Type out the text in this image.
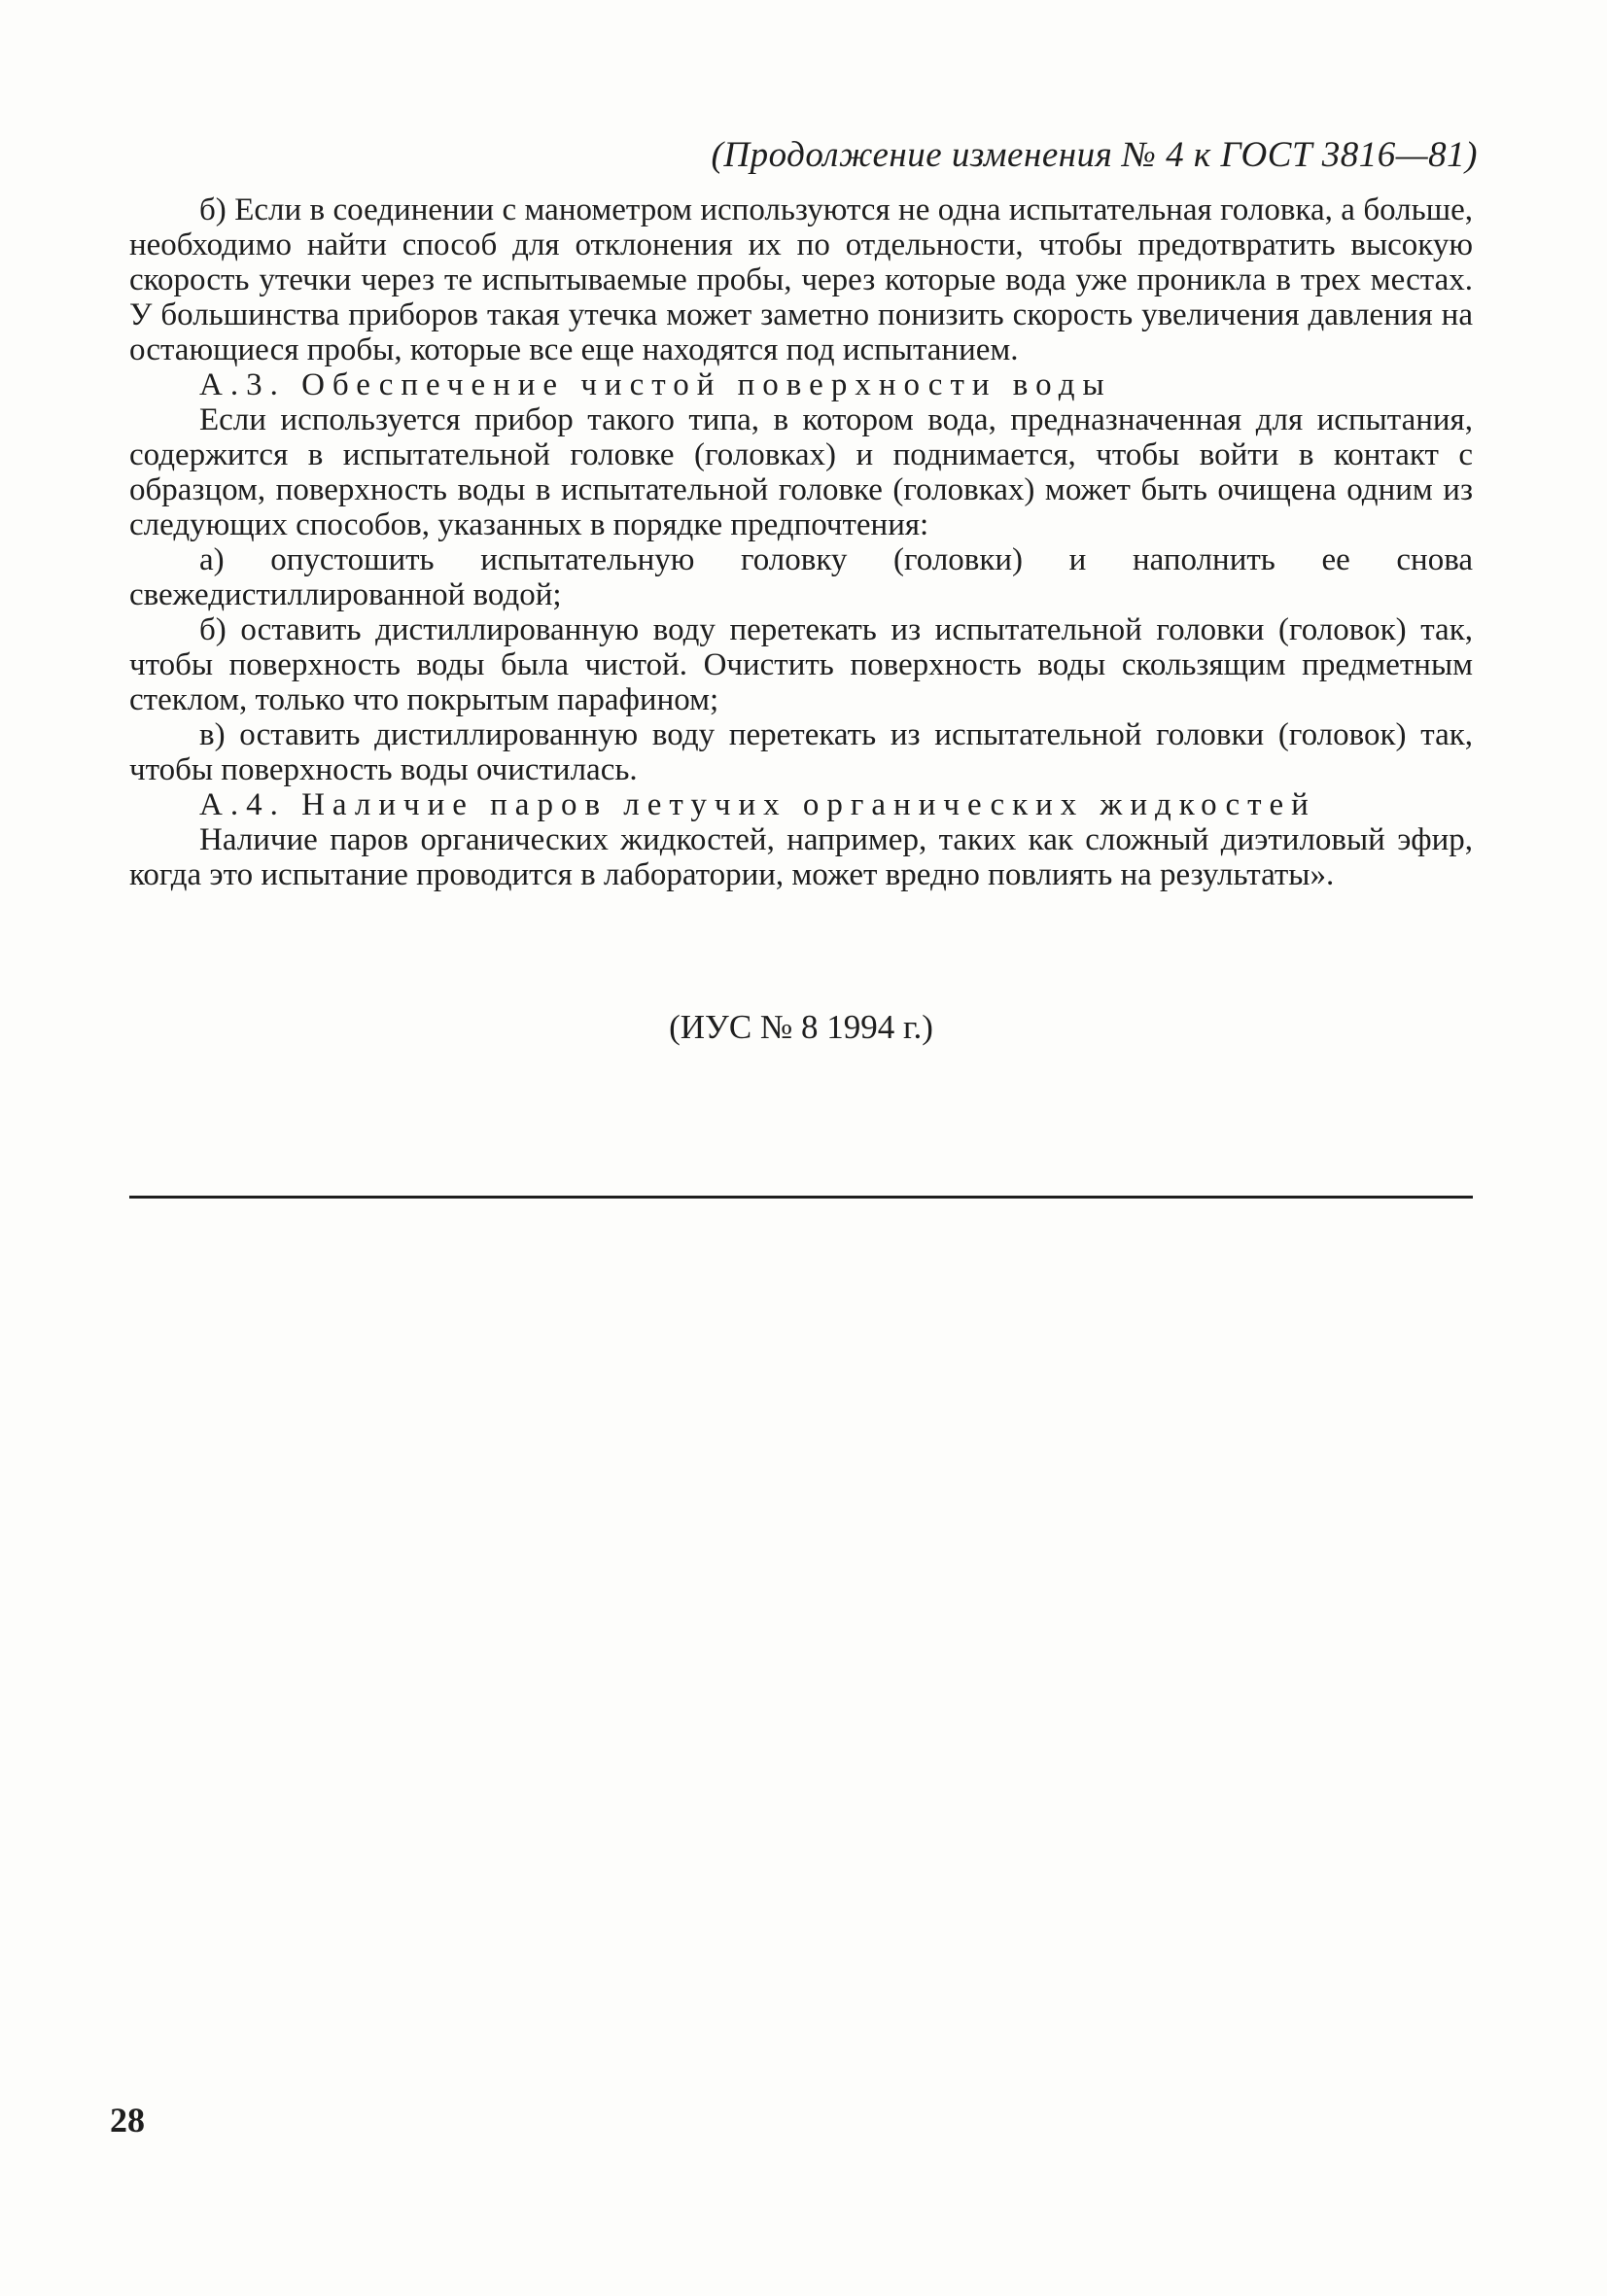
(Продолжение изменения № 4 к ГОСТ 3816—81)

б) Если в соединении с манометром используются не одна испытательная головка, а больше, необходимо найти способ для отклонения их по отдельности, чтобы предотвратить высокую скорость утечки через те испытываемые пробы, через которые вода уже проникла в трех местах. У большинства приборов такая утечка может заметно понизить скорость увеличения давления на остающиеся пробы, которые все еще находятся под испытанием.

А.3. Обеспечение чистой поверхности воды

Если используется прибор такого типа, в котором вода, предназначенная для испытания, содержится в испытательной головке (головках) и поднимается, чтобы войти в контакт с образцом, поверхность воды в испытательной головке (головках) может быть очищена одним из следующих способов, указанных в порядке предпочтения:

а) опустошить испытательную головку (головки) и наполнить ее снова свежедистиллированной водой;

б) оставить дистиллированную воду перетекать из испытательной головки (головок) так, чтобы поверхность воды была чистой. Очистить поверхность воды скользящим предметным стеклом, только что покрытым парафином;

в) оставить дистиллированную воду перетекать из испытательной головки (головок) так, чтобы поверхность воды очистилась.

А.4. Наличие паров летучих органических жидкостей

Наличие паров органических жидкостей, например, таких как сложный диэтиловый эфир, когда это испытание проводится в лаборатории, может вредно повлиять на результаты».

(ИУС № 8 1994 г.)
28
